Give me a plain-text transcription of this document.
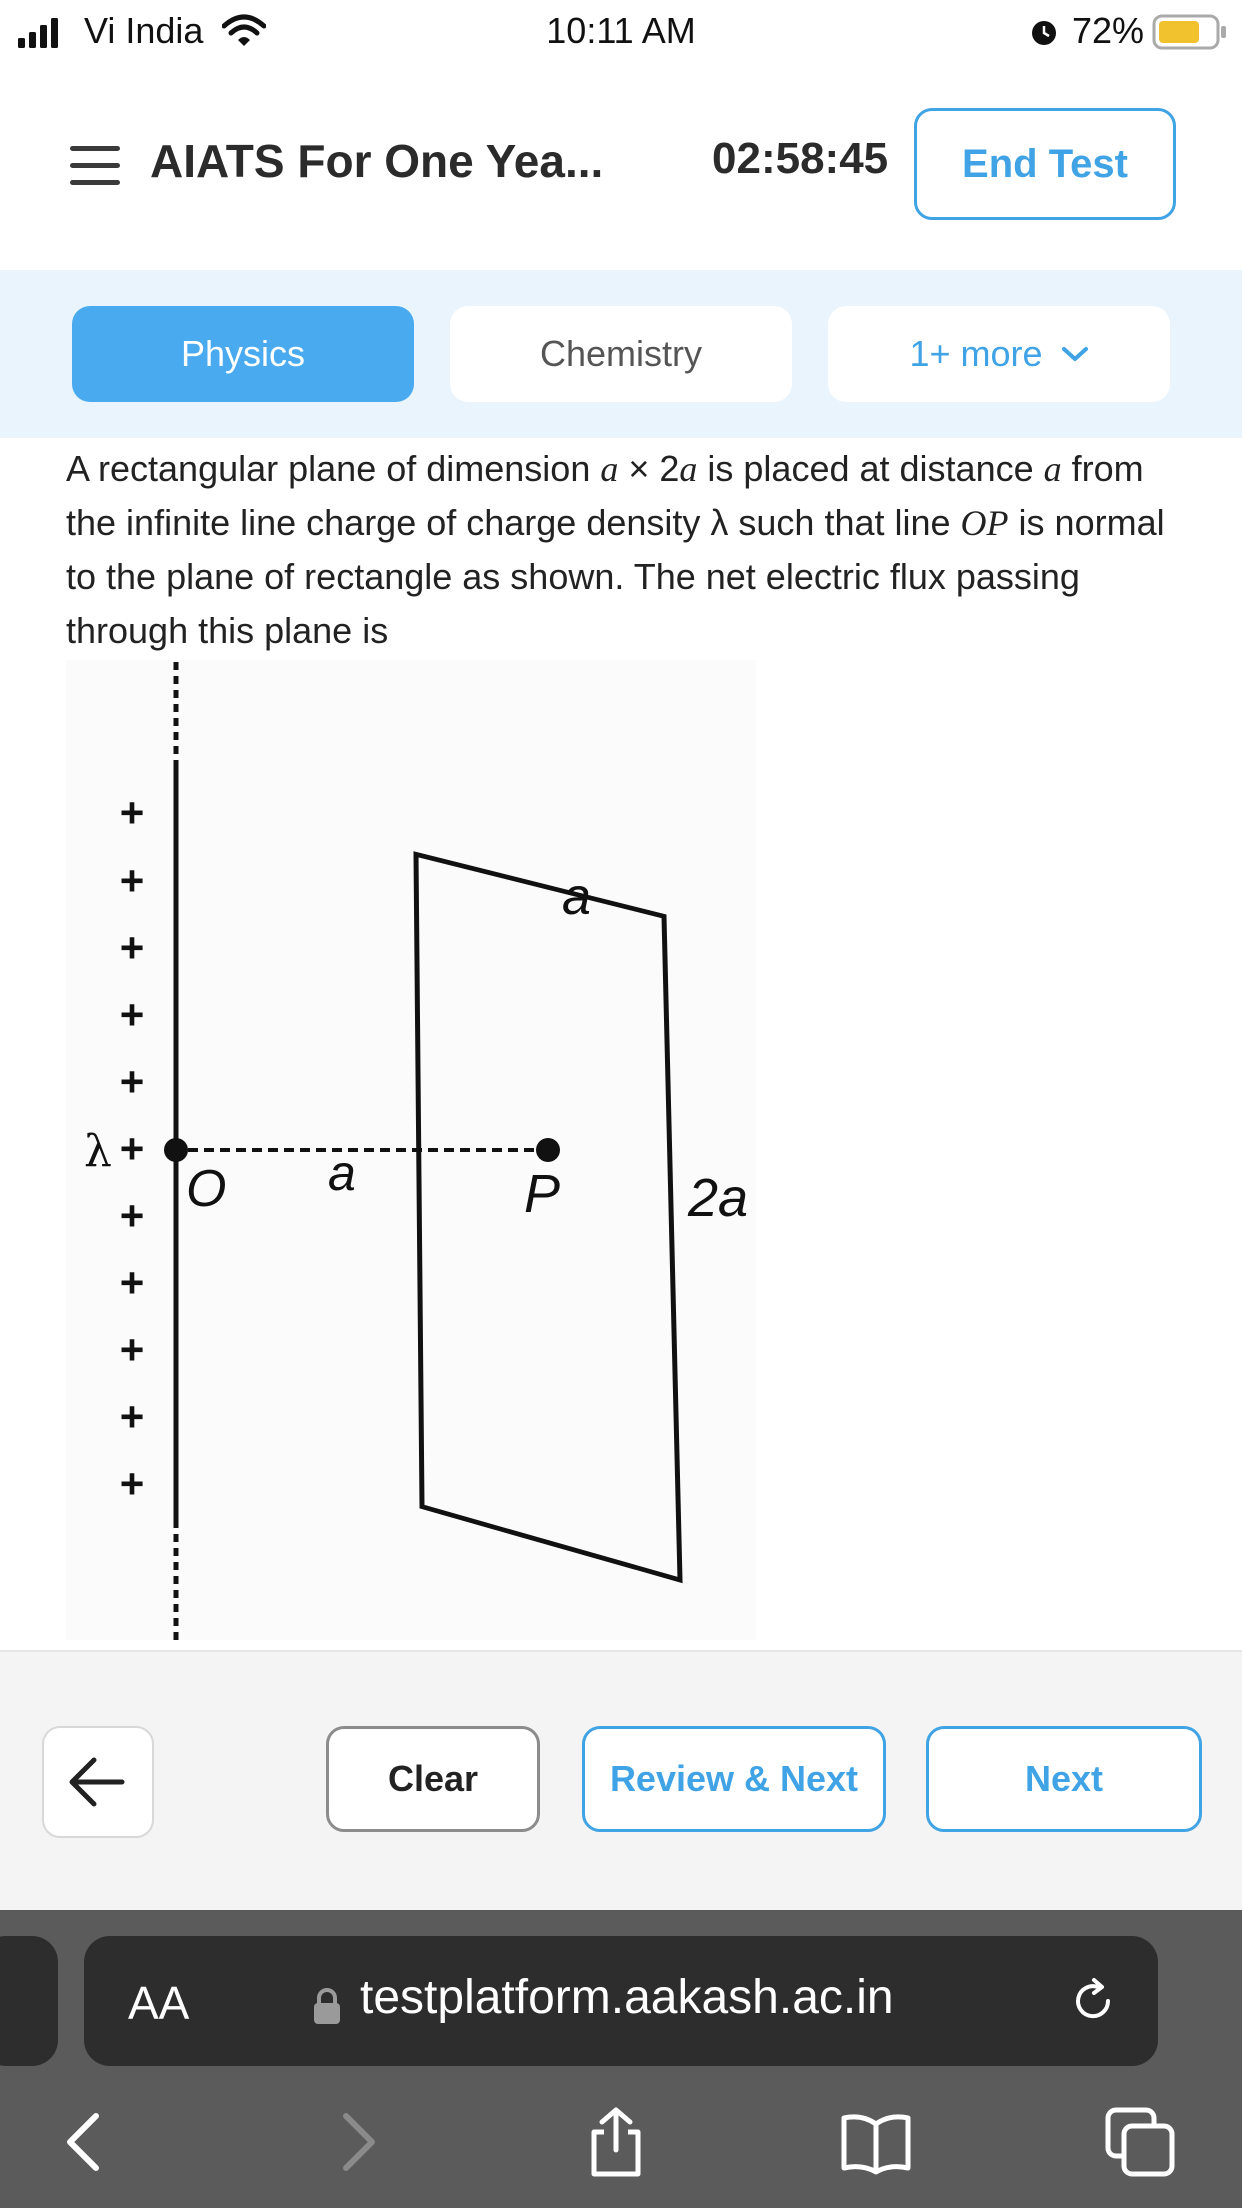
Vi India	10:11 AM	72%
AIATS For One Yea... 02:58:45	End Test
Physics	Chemistry	1+ more
A rectangular plane of dimension a × 2a is placed at distance a from the infinite line charge of charge density λ such that line OP is normal to the plane of rectangle as shown. The net electric flux passing through this plane is
+
+
+
+
+
+
+
+
+
+
+
λ
O a	P
a
2a
Clear	Review & Next	Next
AA	testplatform.aakash.ac.in
